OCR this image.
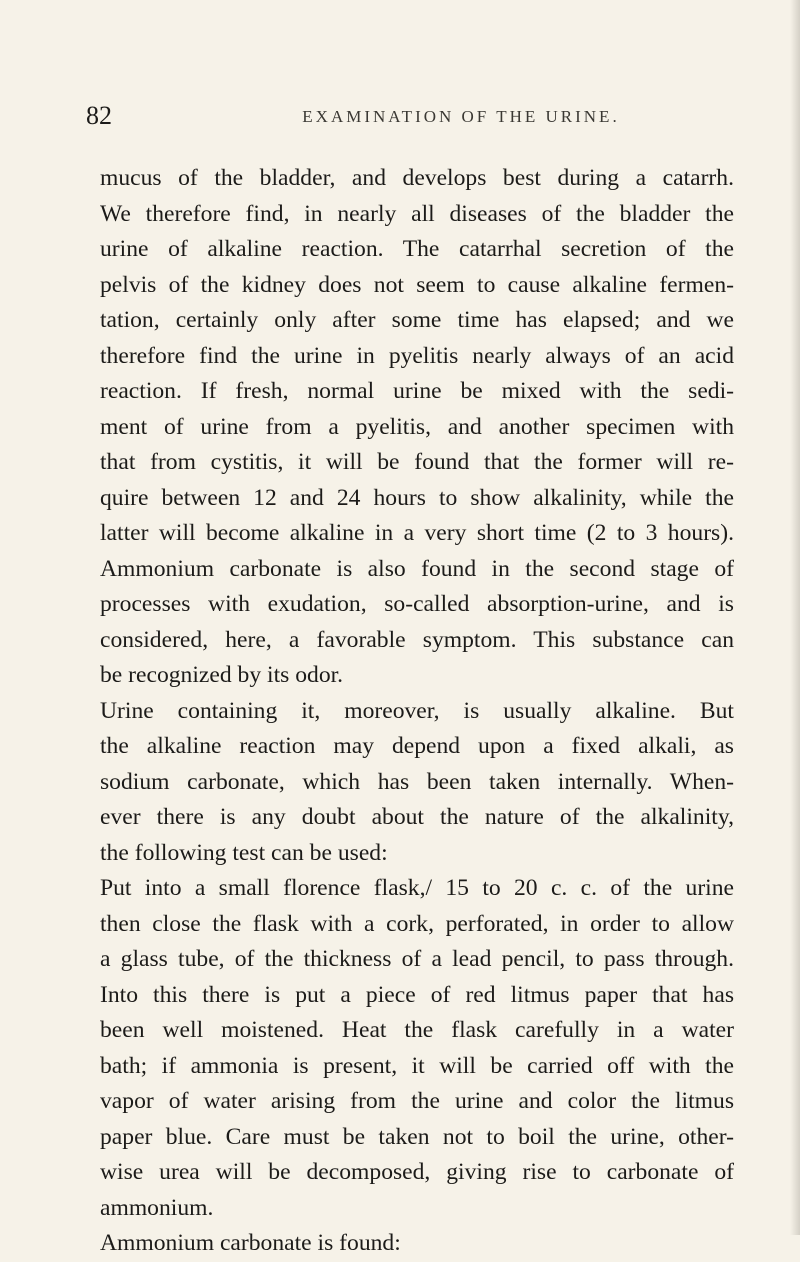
82	EXAMINATION OF THE URINE.
mucus of the bladder, and develops best during a catarrh.
We therefore find, in nearly all diseases of the bladder the
urine of alkaline reaction. The catarrhal secretion of the
pelvis of the kidney does not seem to cause alkaline fermen-
tation, certainly only after some time has elapsed; and we
therefore find the urine in pyelitis nearly always of an acid
reaction. If fresh, normal urine be mixed with the sedi-
ment of urine from a pyelitis, and another specimen with
that from cystitis, it will be found that the former will re-
quire between 12 and 24 hours to show alkalinity, while the
latter will become alkaline in a very short time (2 to 3 hours).
Ammonium carbonate is also found in the second stage of
processes with exudation, so-called absorption-urine, and is
considered, here, a favorable symptom. This substance can
be recognized by its odor.
Urine containing it, moreover, is usually alkaline. But
the alkaline reaction may depend upon a fixed alkali, as
sodium carbonate, which has been taken internally. When-
ever there is any doubt about the nature of the alkalinity,
the following test can be used:
Put into a small florence flask,/ 15 to 20 c. c. of the urine
then close the flask with a cork, perforated, in order to allow
a glass tube, of the thickness of a lead pencil, to pass through.
Into this there is put a piece of red litmus paper that has
been well moistened. Heat the flask carefully in a water
bath; if ammonia is present, it will be carried off with the
vapor of water arising from the urine and color the litmus
paper blue. Care must be taken not to boil the urine, other-
wise urea will be decomposed, giving rise to carbonate of
ammonium.
Ammonium carbonate is found:
